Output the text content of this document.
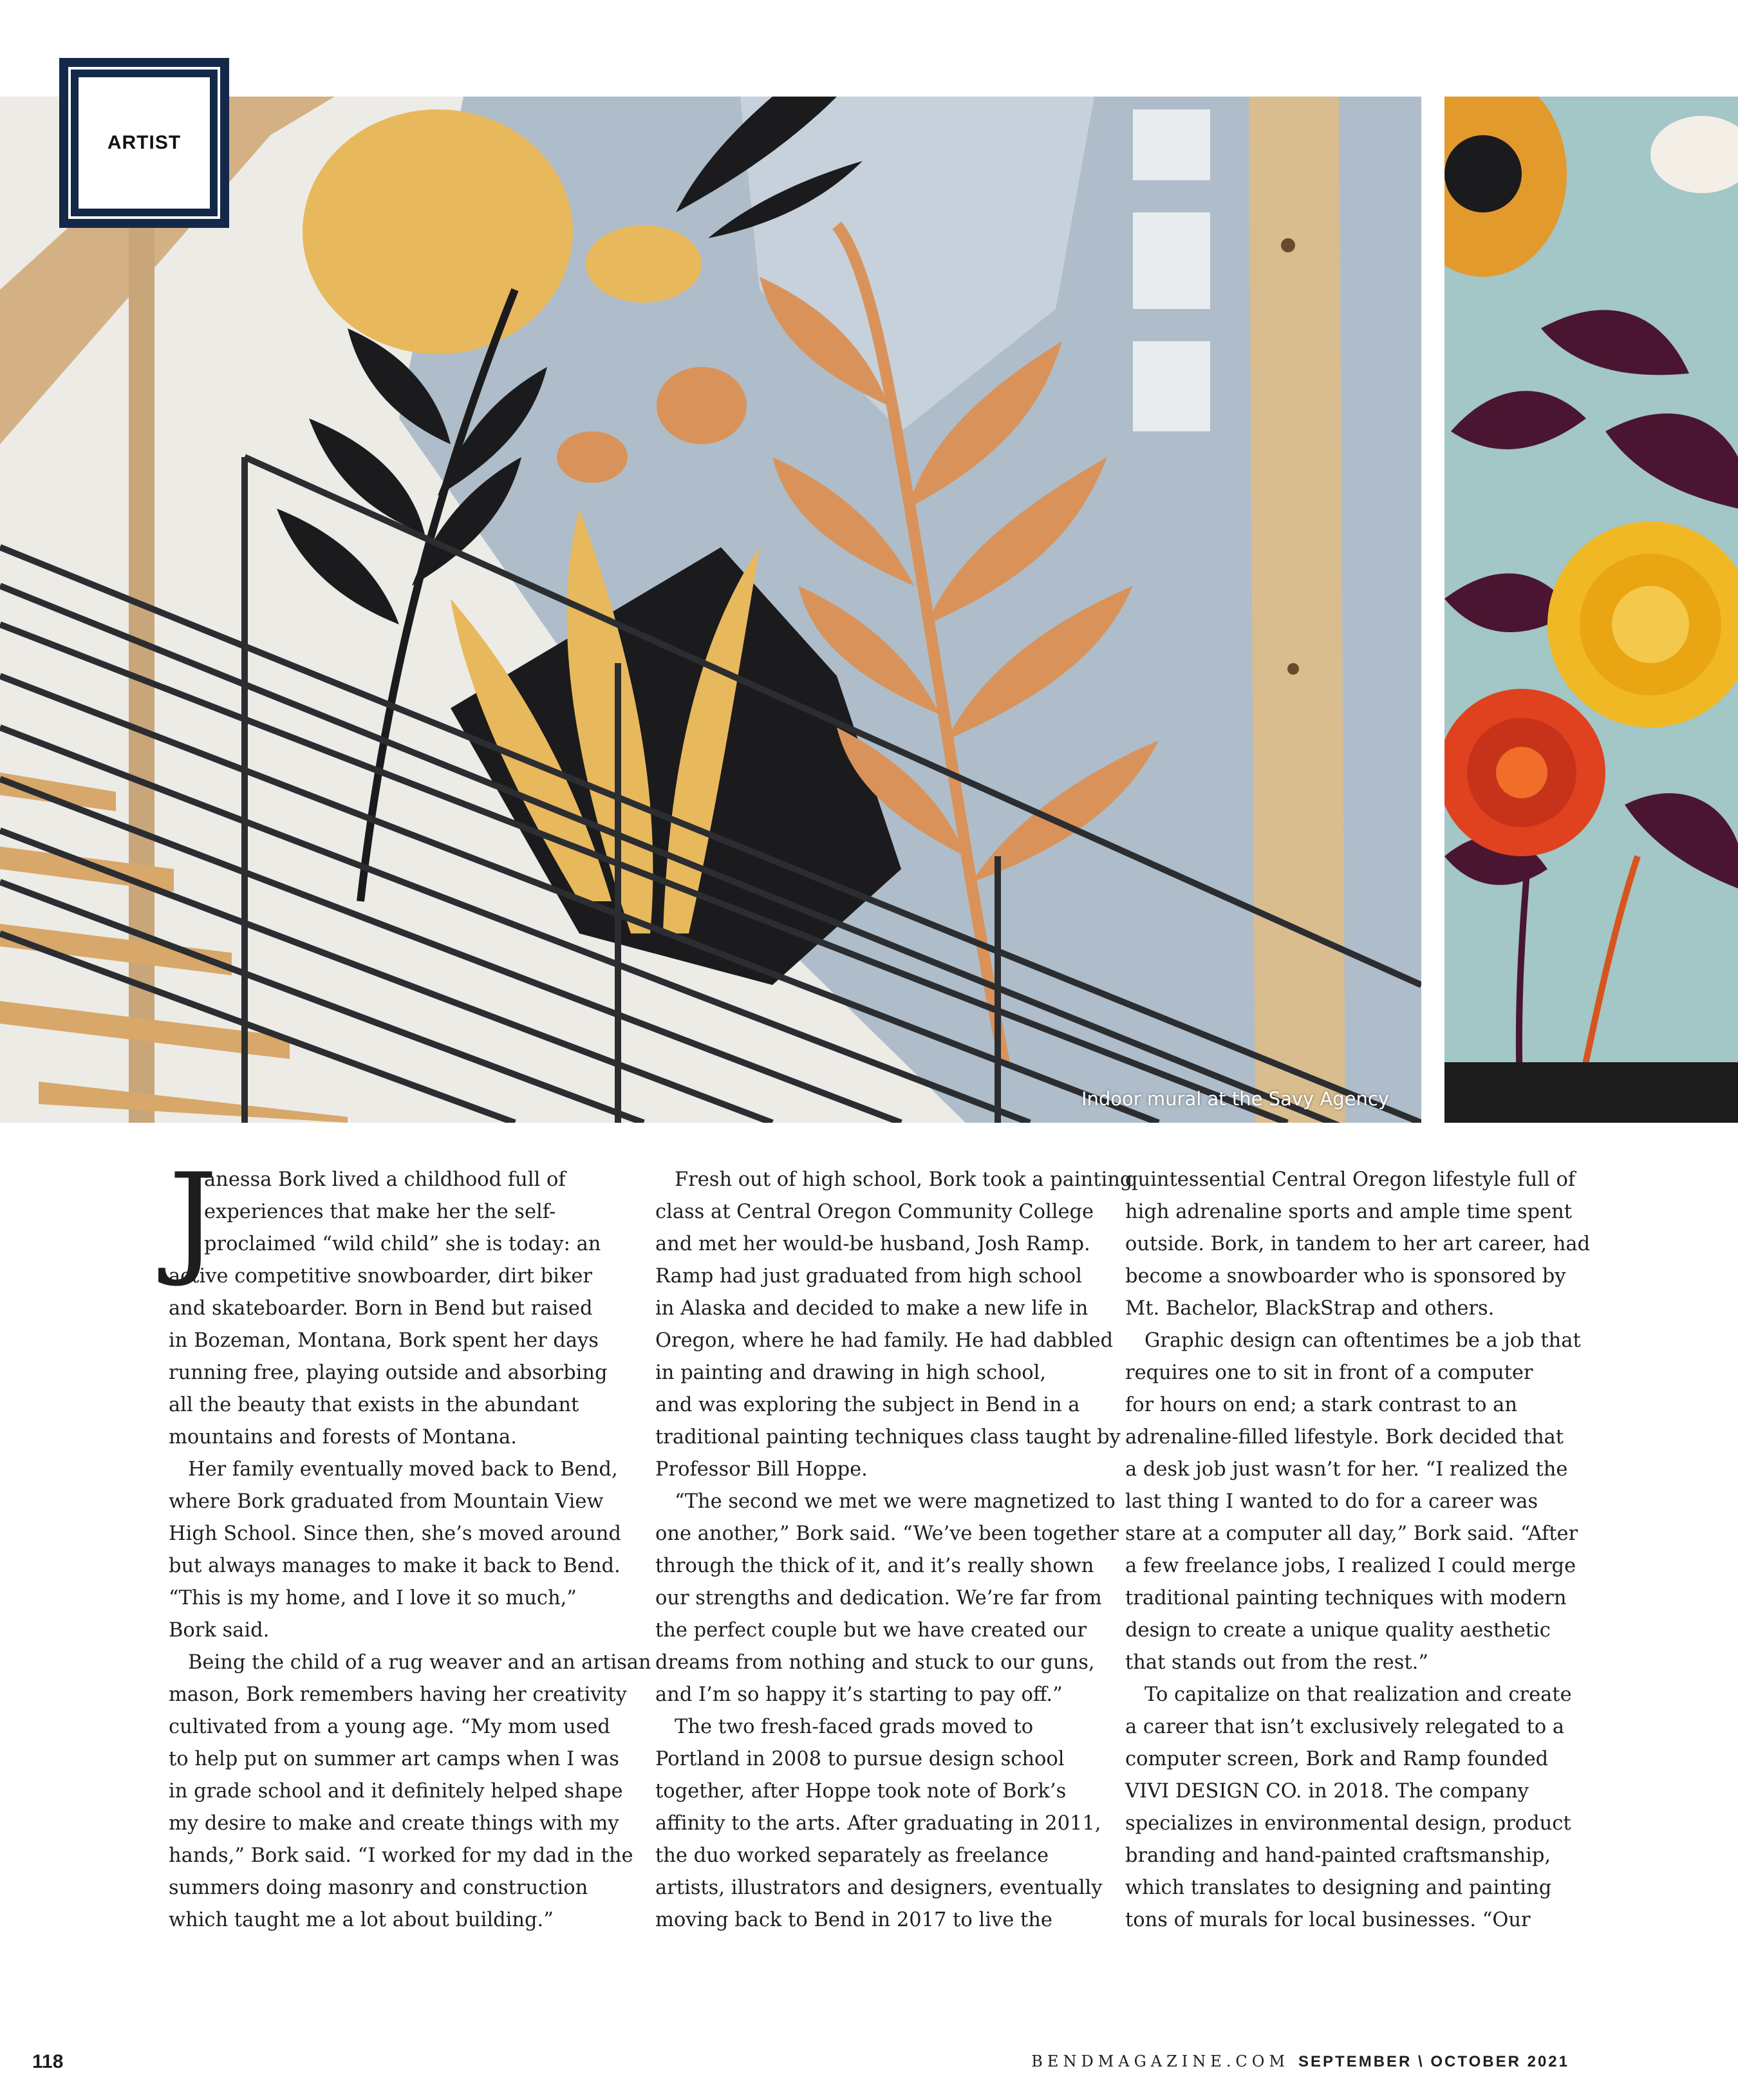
ARTIST
Indoor mural at the Savy Agency
J
anessa Bork lived a childhood full of
experiences that make her the self-
proclaimed “wild child” she is today: an
active competitive snowboarder, dirt biker
and skateboarder. Born in Bend but raised
in Bozeman, Montana, Bork spent her days
running free, playing outside and absorbing
all the beauty that exists in the abundant
mountains and forests of Montana.
Her family eventually moved back to Bend,
where Bork graduated from Mountain View
High School. Since then, she’s moved around
but always manages to make it back to Bend.
“This is my home, and I love it so much,”
Bork said.
Being the child of a rug weaver and an artisan
mason, Bork remembers having her creativity
cultivated from a young age. “My mom used
to help put on summer art camps when I was
in grade school and it definitely helped shape
my desire to make and create things with my
hands,” Bork said. “I worked for my dad in the
summers doing masonry and construction
which taught me a lot about building.”
Fresh out of high school, Bork took a painting
class at Central Oregon Community College
and met her would-be husband, Josh Ramp.
Ramp had just graduated from high school
in Alaska and decided to make a new life in
Oregon, where he had family. He had dabbled
in painting and drawing in high school,
and was exploring the subject in Bend in a
traditional painting techniques class taught by
Professor Bill Hoppe.
“The second we met we were magnetized to
one another,” Bork said. “We’ve been together
through the thick of it, and it’s really shown
our strengths and dedication. We’re far from
the perfect couple but we have created our
dreams from nothing and stuck to our guns,
and I’m so happy it’s starting to pay off.”
The two fresh-faced grads moved to
Portland in 2008 to pursue design school
together, after Hoppe took note of Bork’s
affinity to the arts. After graduating in 2011,
the duo worked separately as freelance
artists, illustrators and designers, eventually
moving back to Bend in 2017 to live the
quintessential Central Oregon lifestyle full of
high adrenaline sports and ample time spent
outside. Bork, in tandem to her art career, had
become a snowboarder who is sponsored by
Mt. Bachelor, BlackStrap and others.
Graphic design can oftentimes be a job that
requires one to sit in front of a computer
for hours on end; a stark contrast to an
adrenaline-filled lifestyle. Bork decided that
a desk job just wasn’t for her. “I realized the
last thing I wanted to do for a career was
stare at a computer all day,” Bork said. “After
a few freelance jobs, I realized I could merge
traditional painting techniques with modern
design to create a unique quality aesthetic
that stands out from the rest.”
To capitalize on that realization and create
a career that isn’t exclusively relegated to a
computer screen, Bork and Ramp founded
VIVI DESIGN CO. in 2018. The company
specializes in environmental design, product
branding and hand-painted craftsmanship,
which translates to designing and painting
tons of murals for local businesses. “Our
118	BENDMAGAZINE.COM SEPTEMBER \ OCTOBER 2021
